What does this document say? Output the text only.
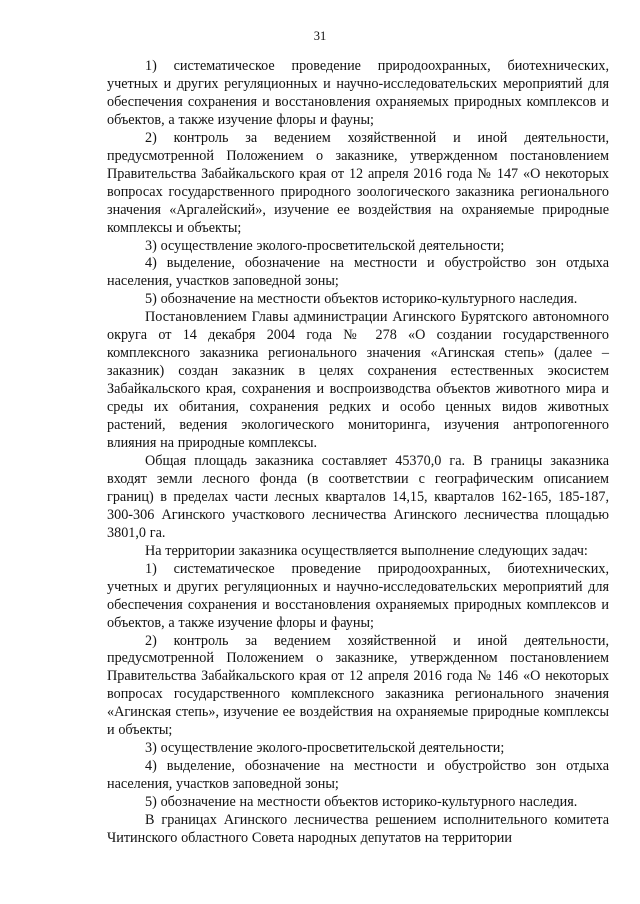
31

1) систематическое проведение природоохранных, биотехнических, учетных и других регуляционных и научно-исследовательских мероприятий для обеспечения сохранения и восстановления охраняемых природных комплексов и объектов, а также изучение флоры и фауны;

2) контроль за ведением хозяйственной и иной деятельности, предусмотренной Положением о заказнике, утвержденном постановлением Правительства Забайкальского края от 12 апреля 2016 года № 147 «О некоторых вопросах государственного природного зоологического заказника регионального значения «Аргалейский», изучение ее воздействия на охраняемые природные комплексы и объекты;

3) осуществление эколого-просветительской деятельности;

4) выделение, обозначение на местности и обустройство зон отдыха населения, участков заповедной зоны;

5) обозначение на местности объектов историко-культурного наследия.

Постановлением Главы администрации Агинского Бурятского автономного округа от 14 декабря 2004 года № 278 «О создании государственного комплексного заказника регионального значения «Агинская степь» (далее – заказник) создан заказник в целях сохранения естественных экосистем Забайкальского края, сохранения и воспроизводства объектов животного мира и среды их обитания, сохранения редких и особо ценных видов животных растений, ведения экологического мониторинга, изучения антропогенного влияния на природные комплексы.

Общая площадь заказника составляет 45370,0 га. В границы заказника входят земли лесного фонда (в соответствии с географическим описанием границ) в пределах части лесных кварталов 14,15, кварталов 162-165, 185-187, 300-306 Агинского участкового лесничества Агинского лесничества площадью 3801,0 га.

На территории заказника осуществляется выполнение следующих задач:

1) систематическое проведение природоохранных, биотехнических, учетных и других регуляционных и научно-исследовательских мероприятий для обеспечения сохранения и восстановления охраняемых природных комплексов и объектов, а также изучение флоры и фауны;

2) контроль за ведением хозяйственной и иной деятельности, предусмотренной Положением о заказнике, утвержденном постановлением Правительства Забайкальского края от 12 апреля 2016 года № 146 «О некоторых вопросах государственного комплексного заказника регионального значения «Агинская степь», изучение ее воздействия на охраняемые природные комплексы и объекты;

3) осуществление эколого-просветительской деятельности;

4) выделение, обозначение на местности и обустройство зон отдыха населения, участков заповедной зоны;

5) обозначение на местности объектов историко-культурного наследия.

В границах Агинского лесничества решением исполнительного комитета Читинского областного Совета народных депутатов на территории
